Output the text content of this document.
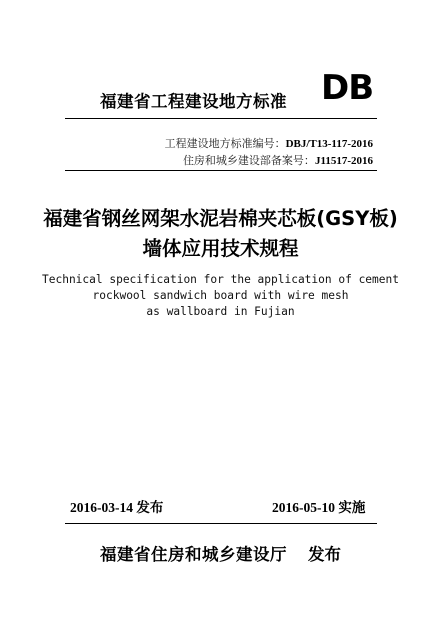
福建省工程建设地方标准 DB
工程建设地方标准编号：DBJ/T13-117-2016
住房和城乡建设部备案号：J11517-2016
福建省钢丝网架水泥岩棉夹芯板(GSY板)
墙体应用技术规程
Technical specification for the application of cement
rockwool sandwich board with wire mesh
as wallboard in Fujian
2016-03-14 发布	2016-05-10 实施
福建省住房和城乡建设厅 发布
